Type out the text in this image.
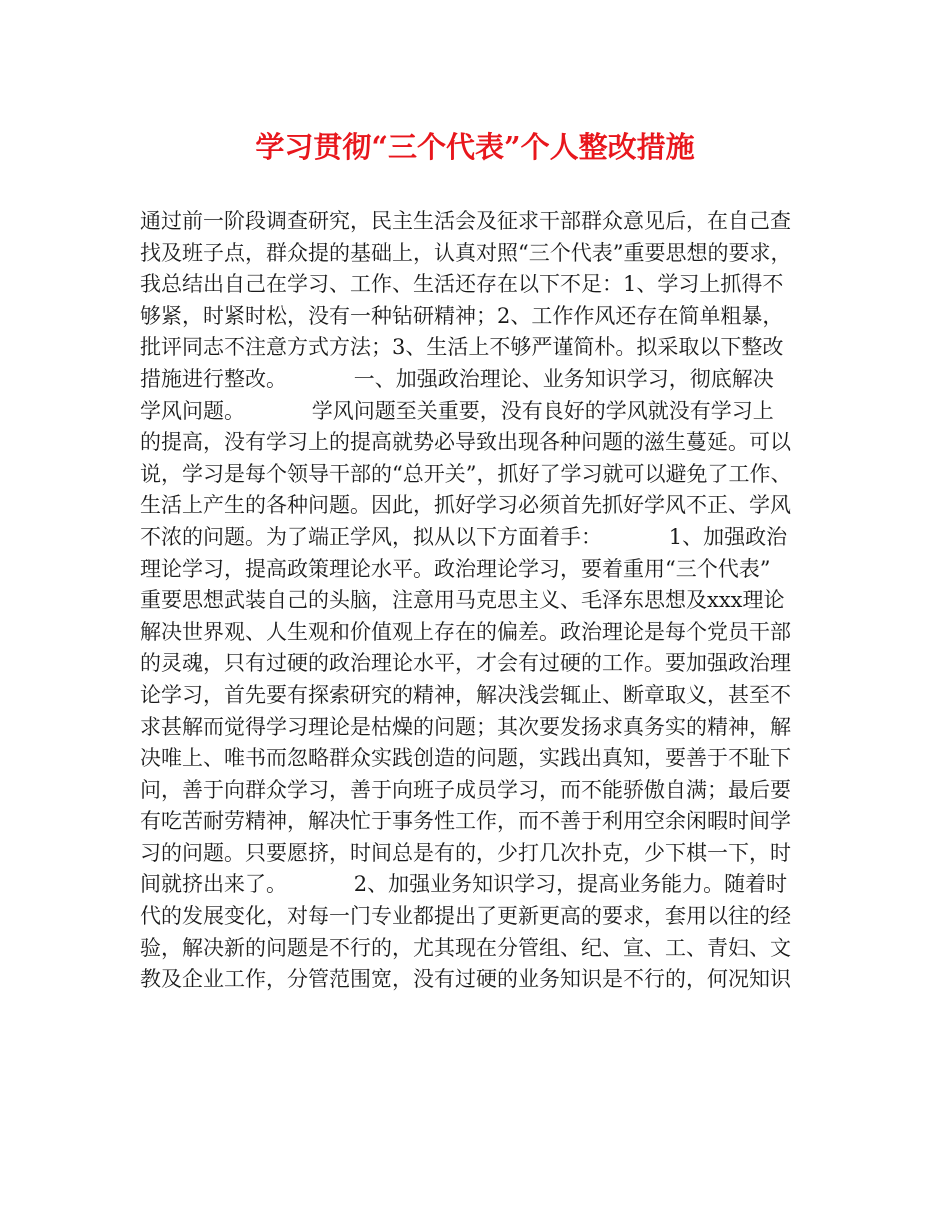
学习贯彻“三个代表”个人整改措施
通过前一阶段调查研究，民主生活会及征求干部群众意见后，在自己查
找及班子点，群众提的基础上，认真对照“三个代表”重要思想的要求，
我总结出自己在学习、工作、生活还存在以下不足：1、学习上抓得不
够紧，时紧时松，没有一种钻研精神；2、工作作风还存在简单粗暴，
批评同志不注意方式方法；3、生活上不够严谨简朴。拟采取以下整改
措施进行整改。          一、加强政治理论、业务知识学习，彻底解决
学风问题。          学风问题至关重要，没有良好的学风就没有学习上
的提高，没有学习上的提高就势必导致出现各种问题的滋生蔓延。可以
说，学习是每个领导干部的“总开关”，抓好了学习就可以避免了工作、
生活上产生的各种问题。因此，抓好学习必须首先抓好学风不正、学风
不浓的问题。为了端正学风，拟从以下方面着手：          1、加强政治
理论学习，提高政策理论水平。政治理论学习，要着重用“三个代表”
重要思想武装自己的头脑，注意用马克思主义、毛泽东思想及xxx理论
解决世界观、人生观和价值观上存在的偏差。政治理论是每个党员干部
的灵魂，只有过硬的政治理论水平，才会有过硬的工作。要加强政治理
论学习，首先要有探索研究的精神，解决浅尝辄止、断章取义，甚至不
求甚解而觉得学习理论是枯燥的问题；其次要发扬求真务实的精神，解
决唯上、唯书而忽略群众实践创造的问题，实践出真知，要善于不耻下
问，善于向群众学习，善于向班子成员学习，而不能骄傲自满；最后要
有吃苦耐劳精神，解决忙于事务性工作，而不善于利用空余闲暇时间学
习的问题。只要愿挤，时间总是有的，少打几次扑克，少下棋一下，时
间就挤出来了。          2、加强业务知识学习，提高业务能力。随着时
代的发展变化，对每一门专业都提出了更新更高的要求，套用以往的经
验，解决新的问题是不行的，尤其现在分管组、纪、宣、工、青妇、文
教及企业工作，分管范围宽，没有过硬的业务知识是不行的，何况知识
